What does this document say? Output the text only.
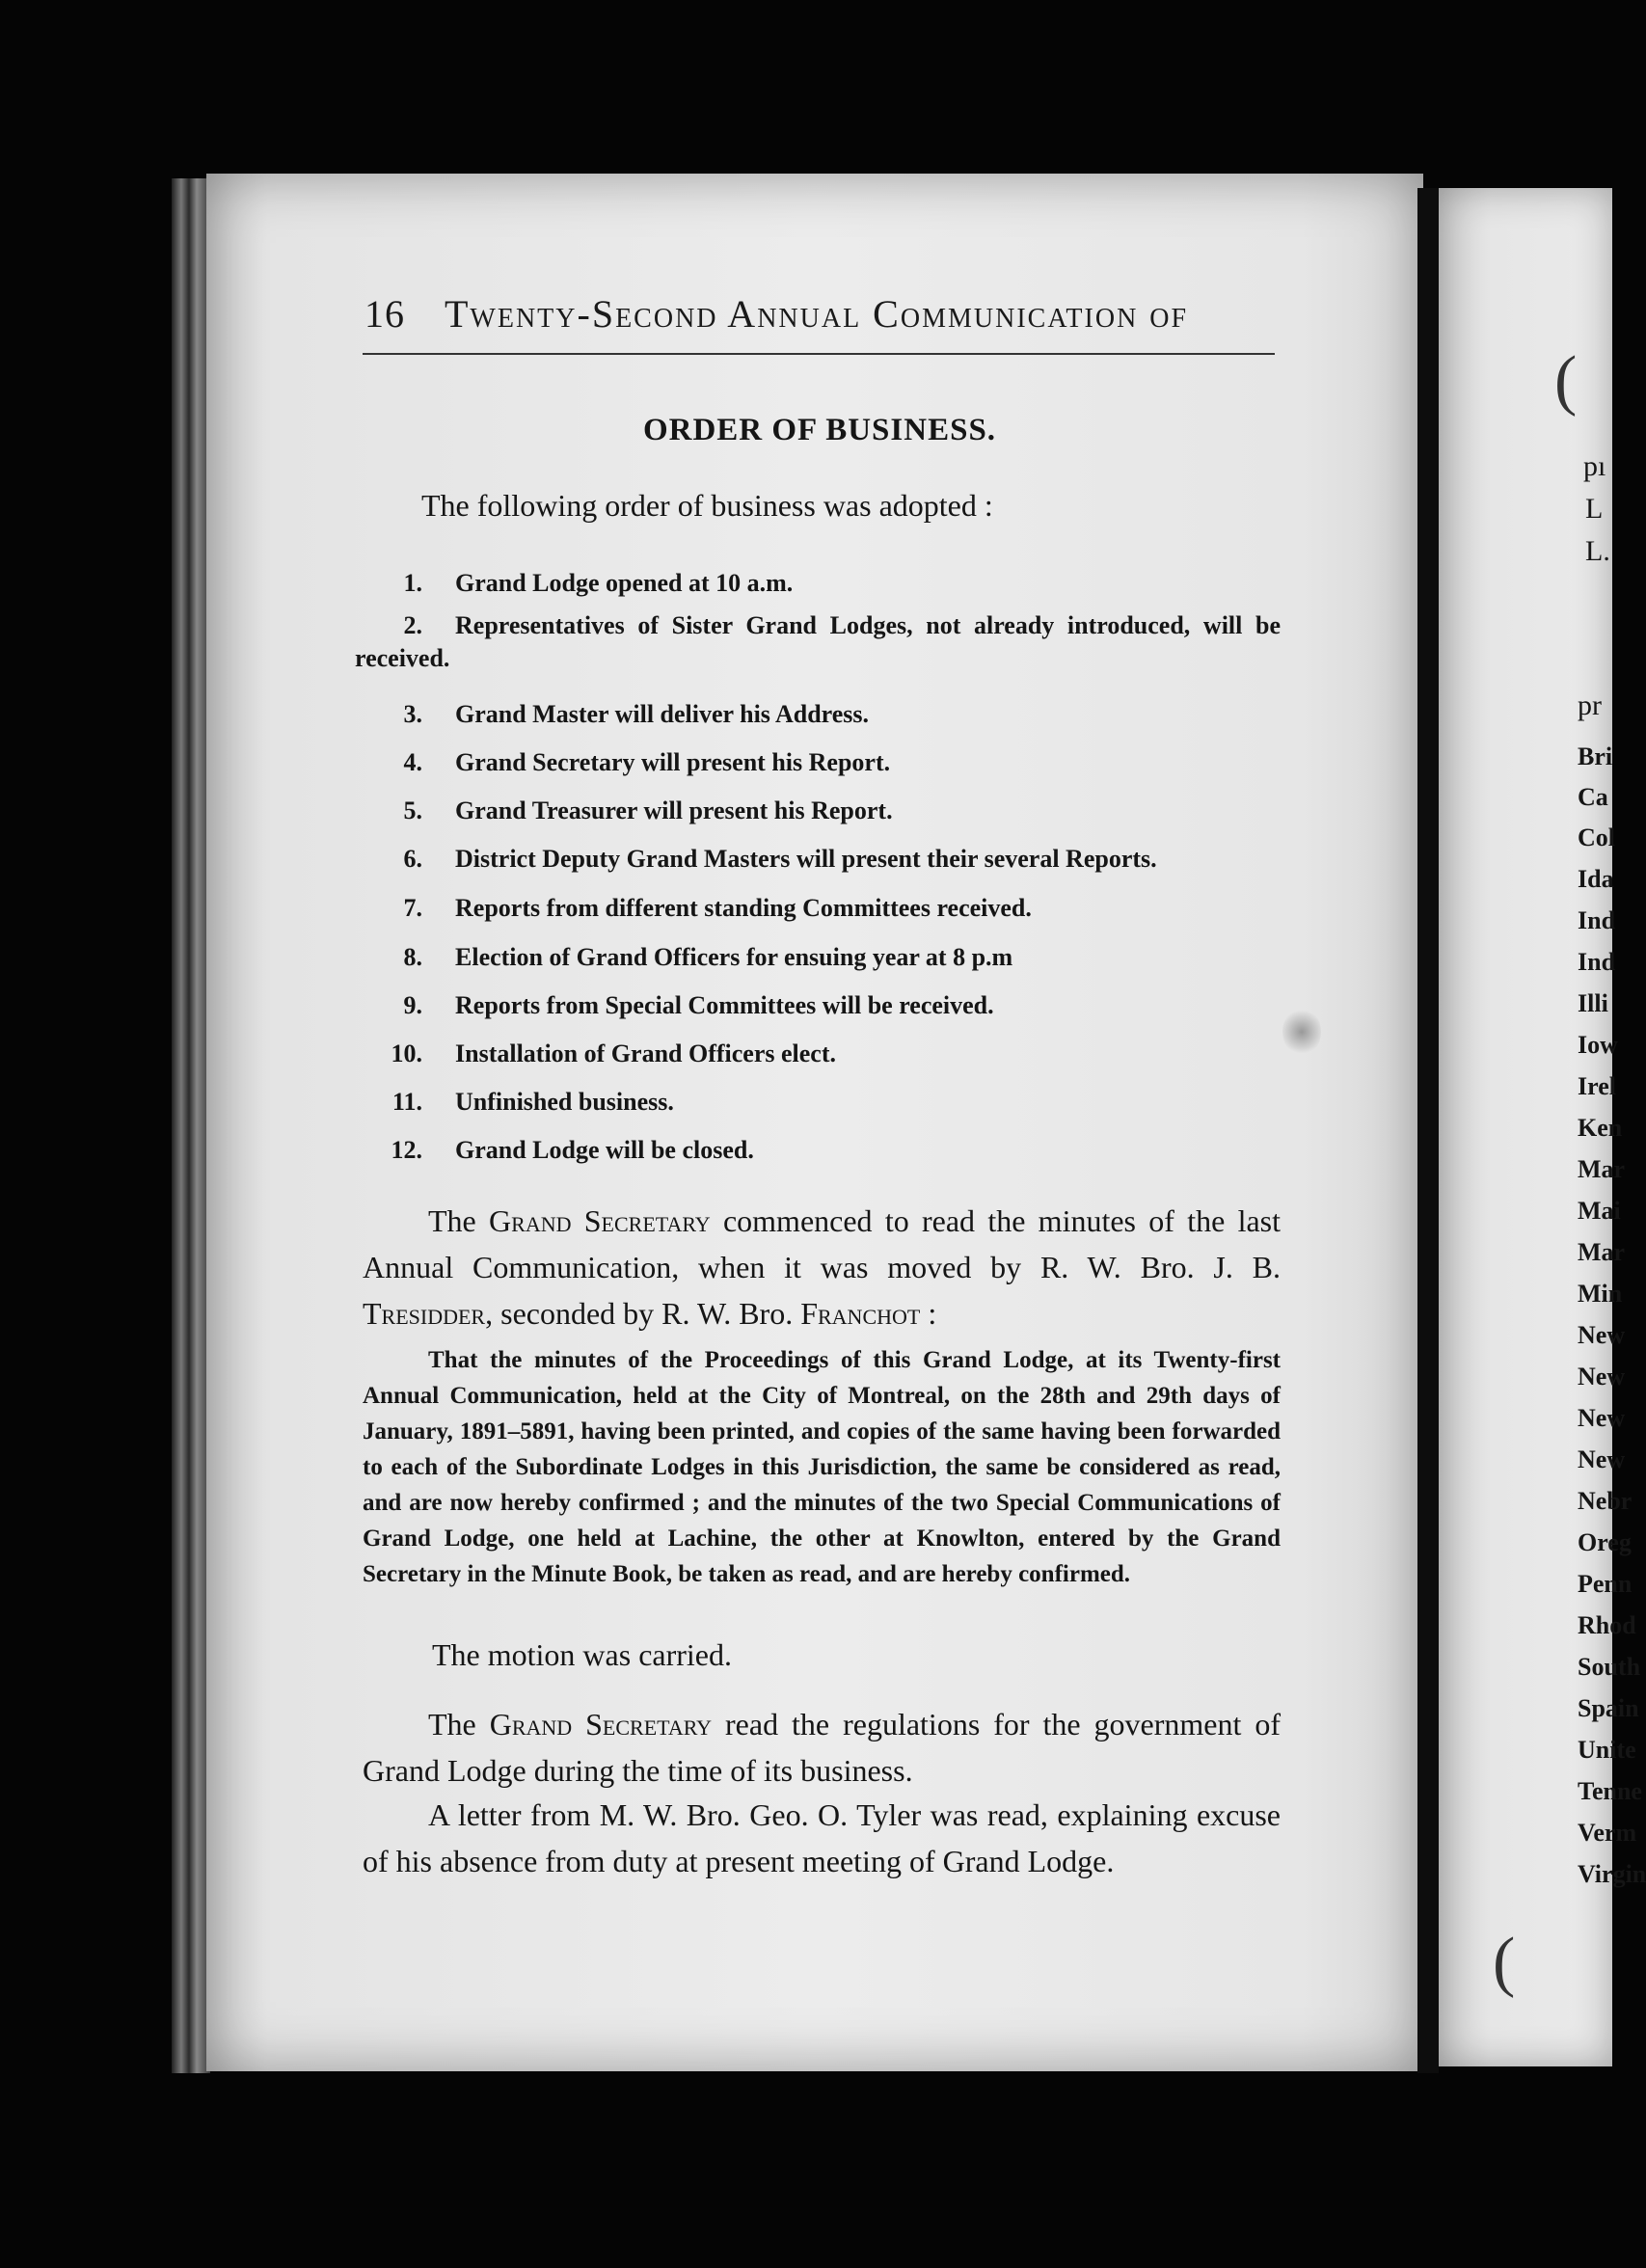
16 Twenty-Second Annual Communication of
ORDER OF BUSINESS.
The following order of business was adopted :
1. Grand Lodge opened at 10 a.m.
2.	Representatives of Sister Grand Lodges, not already introduced, will be received.
3. Grand Master will deliver his Address.
4. Grand Secretary will present his Report.
5. Grand Treasurer will present his Report.
6. District Deputy Grand Masters will present their several Reports.
7. Reports from different standing Committees received.
8. Election of Grand Officers for ensuing year at 8 p.m
9. Reports from Special Committees will be received.
10. Installation of Grand Officers elect.
11. Unfinished business.
12. Grand Lodge will be closed.
The Grand Secretary commenced to read the minutes of the last Annual Communication, when it was moved by R. W. Bro. J. B. Tresidder, seconded by R. W. Bro. Franchot :
That the minutes of the Proceedings of this Grand Lodge, at its Twenty-first Annual Communication, held at the City of Montreal, on the 28th and 29th days of January, 1891–5891, having been printed, and copies of the same having been forwarded to each of the Subordinate Lodges in this Jurisdiction, the same be considered as read, and are now hereby confirmed ; and the minutes of the two Special Communications of Grand Lodge, one held at Lachine, the other at Knowlton, entered by the Grand Secretary in the Minute Book, be taken as read, and are hereby confirmed.
The motion was carried.
The Grand Secretary read the regulations for the government of Grand Lodge during the time of its business.
A letter from M. W. Bro. Geo. O. Tyler was read, explaining excuse of his absence from duty at present meeting of Grand Lodge.
(
pı
L
L.
pr
Bri
Ca
Col
Ida
Ind
Ind
Illi
Iow
Irel
Ken
Mar
Mai
Mar
Min
New
New
New
New
Nebr
Oreg
Penn
Rhod
South
Spain
Unite
Tenne
Verm
Virgin
(
